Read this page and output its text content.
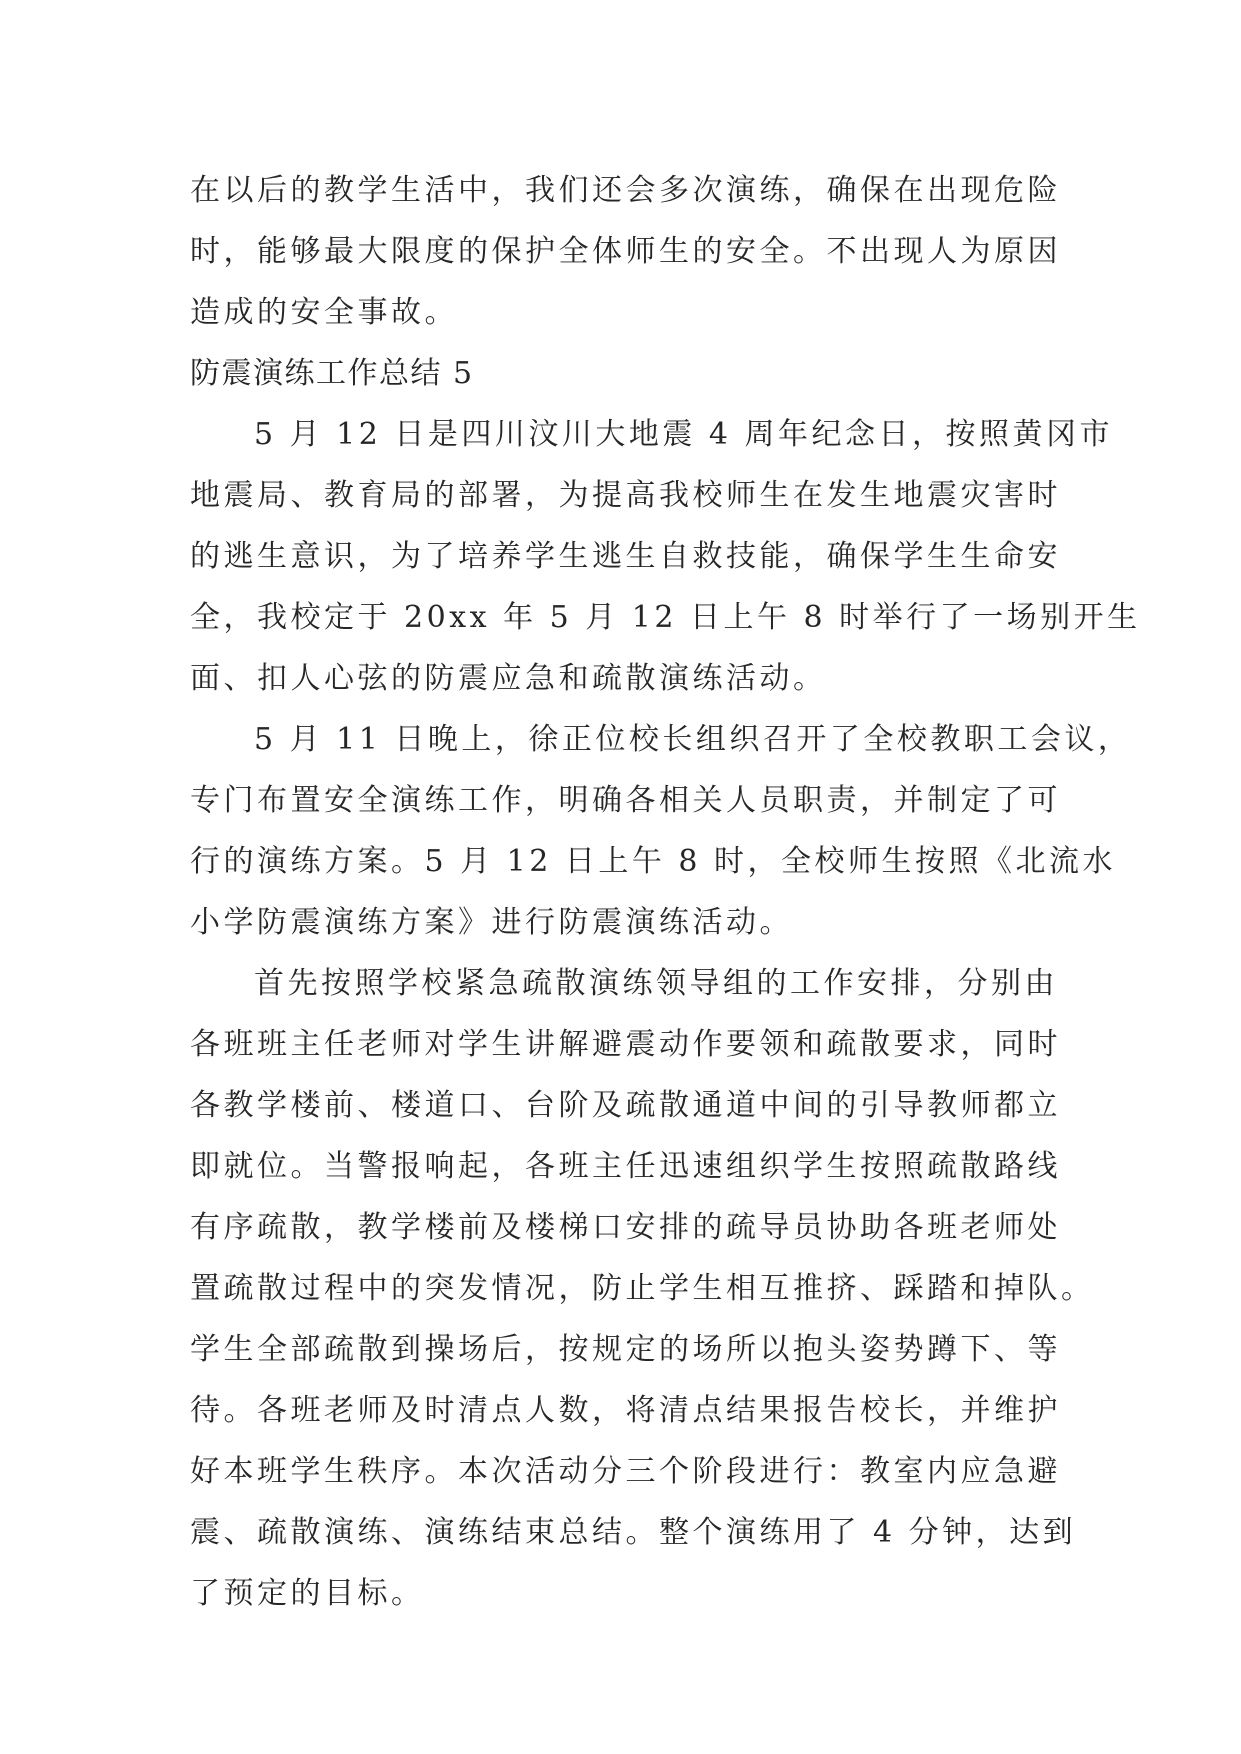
在以后的教学生活中，我们还会多次演练，确保在出现危险
时，能够最大限度的保护全体师生的安全。不出现人为原因
造成的安全事故。
防震演练工作总结 5
5 月 12 日是四川汶川大地震 4 周年纪念日，按照黄冈市
地震局、教育局的部署，为提高我校师生在发生地震灾害时
的逃生意识，为了培养学生逃生自救技能，确保学生生命安
全，我校定于 20xx 年 5 月 12 日上午 8 时举行了一场别开生
面、扣人心弦的防震应急和疏散演练活动。
5 月 11 日晚上，徐正位校长组织召开了全校教职工会议，
专门布置安全演练工作，明确各相关人员职责，并制定了可
行的演练方案。5 月 12 日上午 8 时，全校师生按照《北流水
小学防震演练方案》进行防震演练活动。
首先按照学校紧急疏散演练领导组的工作安排，分别由
各班班主任老师对学生讲解避震动作要领和疏散要求，同时
各教学楼前、楼道口、台阶及疏散通道中间的引导教师都立
即就位。当警报响起，各班主任迅速组织学生按照疏散路线
有序疏散，教学楼前及楼梯口安排的疏导员协助各班老师处
置疏散过程中的突发情况，防止学生相互推挤、踩踏和掉队。
学生全部疏散到操场后，按规定的场所以抱头姿势蹲下、等
待。各班老师及时清点人数，将清点结果报告校长，并维护
好本班学生秩序。本次活动分三个阶段进行：教室内应急避
震、疏散演练、演练结束总结。整个演练用了 4 分钟，达到
了预定的目标。
